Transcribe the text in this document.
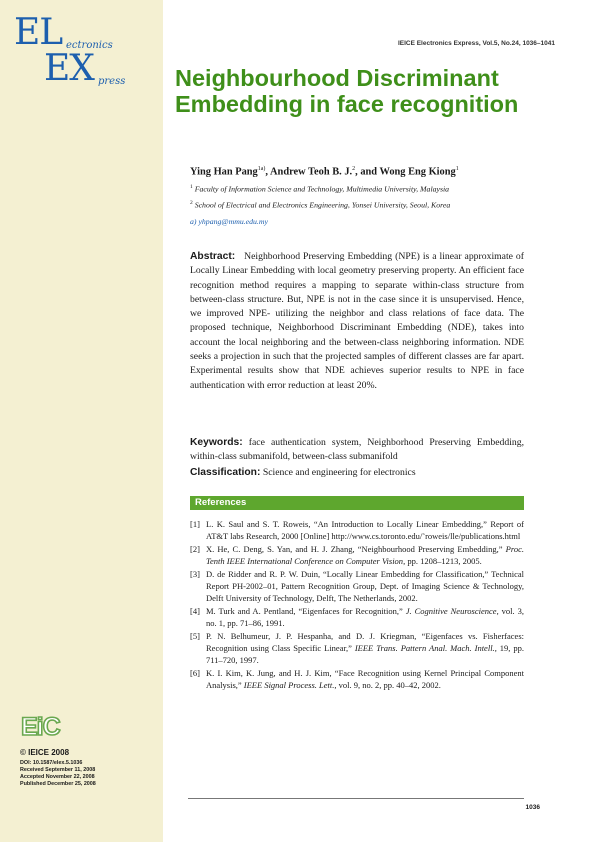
EL ectronics
EX press
IEICE Electronics Express, Vol.5, No.24, 1036–1041
Neighbourhood Discriminant Embedding in face recognition
Ying Han Pang$^{1a)}$, Andrew Teoh B. J.$^2$, and Wong Eng Kiong$^1$
$^1$ Faculty of Information Science and Technology, Multimedia University, Malaysia
$^2$ School of Electrical and Electronics Engineering, Yonsei University, Seoul, Korea
a) yhpang@mmu.edu.my
Abstract: Neighborhood Preserving Embedding (NPE) is a linear approximate of Locally Linear Embedding with local geometry preserving property. An efficient face recognition method requires a mapping to separate within-class structure from between-class structure. But, NPE is not in the case since it is unsupervised. Hence, we improved NPE- utilizing the neighbor and class relations of face data. The proposed technique, Neighborhood Discriminant Embedding (NDE), takes into account the local neighboring and the between-class neighboring information. NDE seeks a projection in such that the projected samples of different classes are far apart. Experimental results show that NDE achieves superior results to NPE in face authentication with error reduction at least 20%.
Keywords: face authentication system, Neighborhood Preserving Embedding, within-class submanifold, between-class submanifold
Classification: Science and engineering for electronics
References
[1] L. K. Saul and S. T. Roweis, “An Introduction to Locally Linear Embedding,” Report of AT&T labs Research, 2000 [Online] http://www.cs.toronto.edu/˜roweis/lle/publications.html
[2] X. He, C. Deng, S. Yan, and H. J. Zhang, “Neighbourhood Preserving Embedding,” Proc. Tenth IEEE International Conference on Computer Vision, pp. 1208–1213, 2005.
[3] D. de Ridder and R. P. W. Duin, “Locally Linear Embedding for Classification,” Technical Report PH-2002–01, Pattern Recognition Group, Dept. of Imaging Science & Technology, Delft University of Technology, Delft, The Netherlands, 2002.
[4] M. Turk and A. Pentland, “Eigenfaces for Recognition,” J. Cognitive Neuroscience, vol. 3, no. 1, pp. 71–86, 1991.
[5] P. N. Belhumeur, J. P. Hespanha, and D. J. Kriegman, “Eigenfaces vs. Fisherfaces: Recognition using Class Specific Linear,” IEEE Trans. Pattern Anal. Mach. Intell., 19, pp. 711–720, 1997.
[6] K. I. Kim, K. Jung, and H. J. Kim, “Face Recognition using Kernel Principal Component Analysis,” IEEE Signal Process. Lett., vol. 9, no. 2, pp. 40–42, 2002.
EiC
© IEICE 2008
DOI: 10.1587/elex.5.1036
Received September 11, 2008
Accepted November 22, 2008
Published December 25, 2008
1036
